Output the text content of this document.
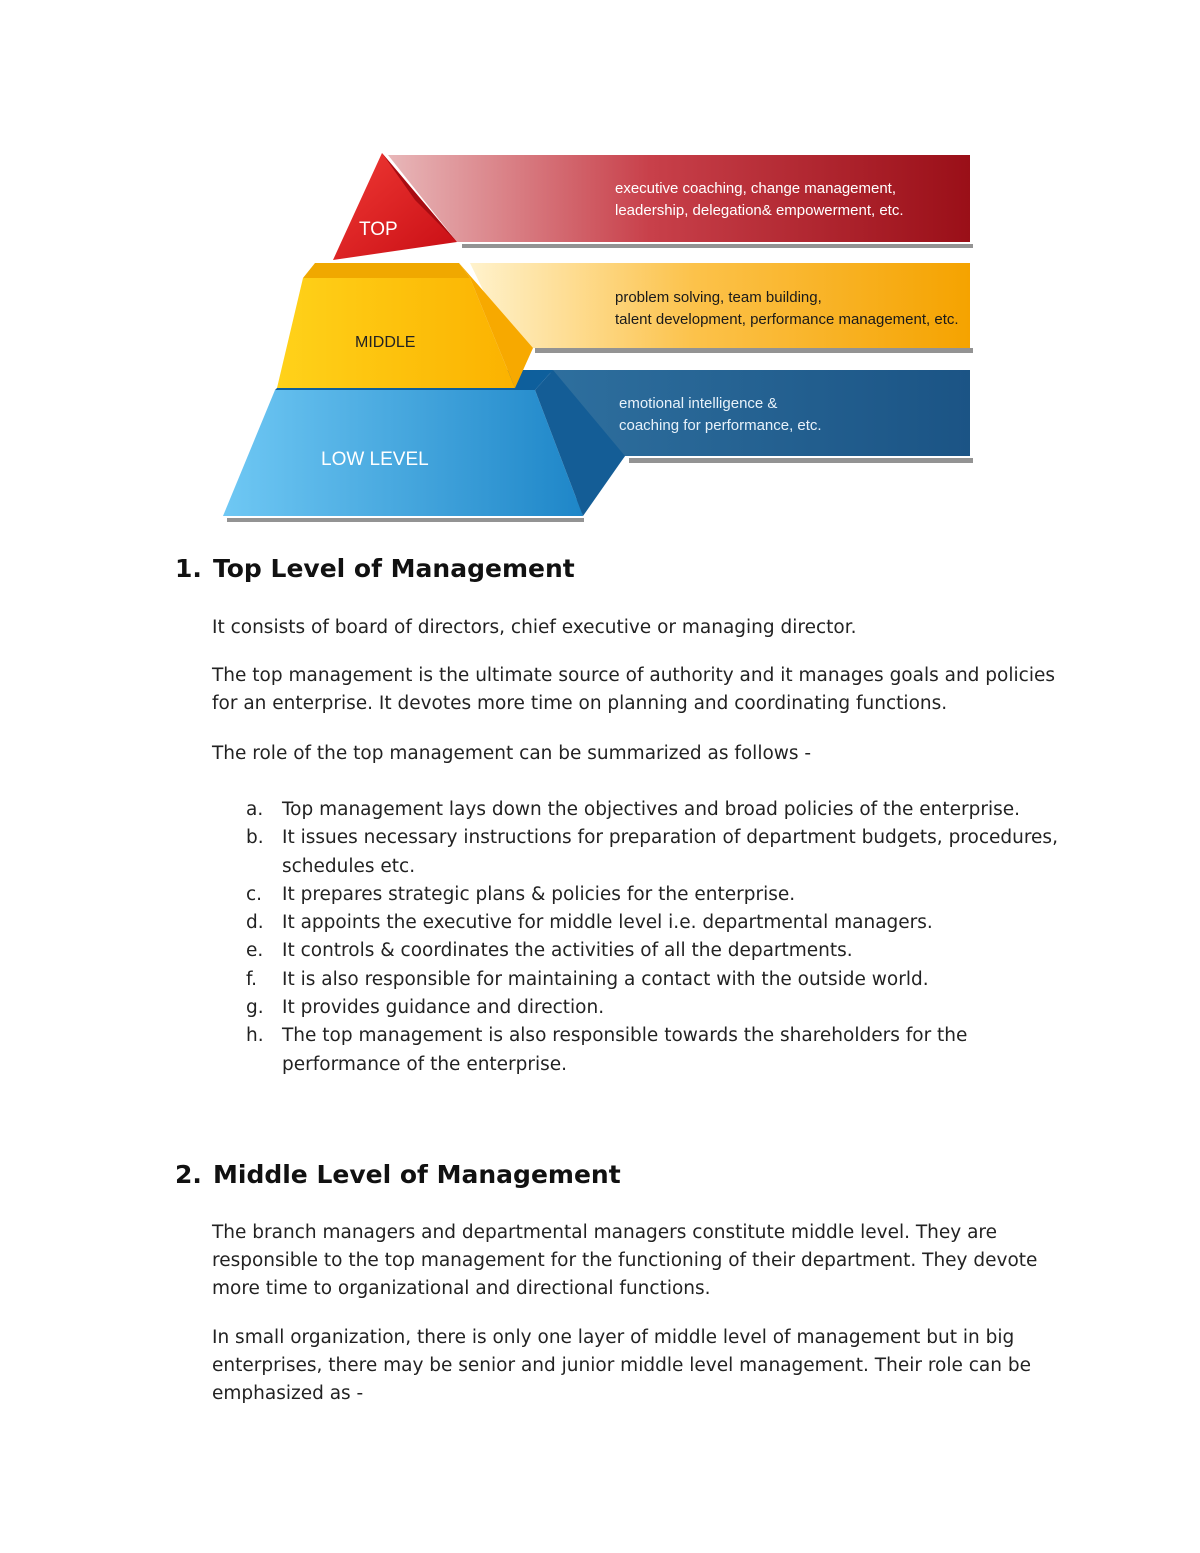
TOP
MIDDLE
LOW LEVEL
executive coaching, change management,
leadership, delegation& empowerment, etc.
problem solving, team building,
talent development, performance management, etc.
emotional intelligence &
coaching for performance, etc.
1. Top Level of Management

It consists of board of directors, chief executive or managing director.

The top management is the ultimate source of authority and it manages goals and policies for an enterprise. It devotes more time on planning and coordinating functions.

The role of the top management can be summarized as follows -

a. Top management lays down the objectives and broad policies of the enterprise.
b. It issues necessary instructions for preparation of department budgets, procedures, schedules etc.
c. It prepares strategic plans & policies for the enterprise.
d. It appoints the executive for middle level i.e. departmental managers.
e. It controls & coordinates the activities of all the departments.
f. It is also responsible for maintaining a contact with the outside world.
g. It provides guidance and direction.
h. The top management is also responsible towards the shareholders for the performance of the enterprise.
2. Middle Level of Management

The branch managers and departmental managers constitute middle level. They are responsible to the top management for the functioning of their department. They devote more time to organizational and directional functions.

In small organization, there is only one layer of middle level of management but in big enterprises, there may be senior and junior middle level management. Their role can be emphasized as -
